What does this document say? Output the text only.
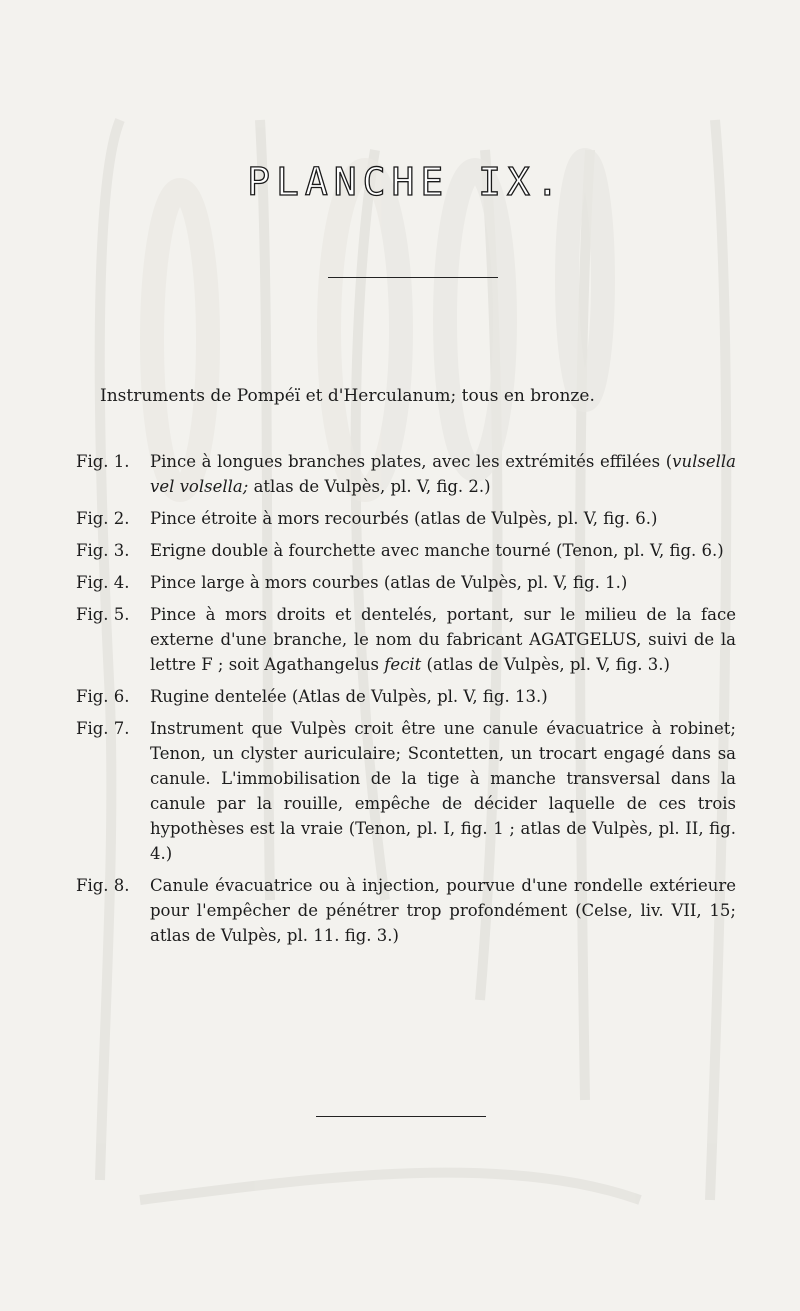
PLANCHE IX.
Instruments de Pompéï et d'Herculanum; tous en bronze.
Fig. 1.	Pince à longues branches plates, avec les extrémités effilées (vulsella vel volsella; atlas de Vulpès, pl. V, fig. 2.)
Fig. 2.	Pince étroite à mors recourbés (atlas de Vulpès, pl. V, fig. 6.)
Fig. 3.	Erigne double à fourchette avec manche tourné (Tenon, pl. V, fig. 6.)
Fig. 4.	Pince large à mors courbes (atlas de Vulpès, pl. V, fig. 1.)
Fig. 5.	Pince à mors droits et dentelés, portant, sur le milieu de la face externe d'une branche, le nom du fabricant AGATGELUS, suivi de la lettre F ; soit Agathangelus fecit (atlas de Vulpès, pl. V, fig. 3.)
Fig. 6.	Rugine dentelée (Atlas de Vulpès, pl. V, fig. 13.)
Fig. 7.	Instrument que Vulpès croit être une canule évacuatrice à robinet; Tenon, un clyster auriculaire; Scontetten, un trocart engagé dans sa canule. L'immobilisation de la tige à manche transversal dans la canule par la rouille, empêche de décider laquelle de ces trois hypothèses est la vraie (Tenon, pl. I, fig. 1 ; atlas de Vulpès, pl. II, fig. 4.)
Fig. 8.	Canule évacuatrice ou à injection, pourvue d'une rondelle extérieure pour l'empêcher de pénétrer trop profondément (Celse, liv. VII, 15; atlas de Vulpès, pl. 11. fig. 3.)
